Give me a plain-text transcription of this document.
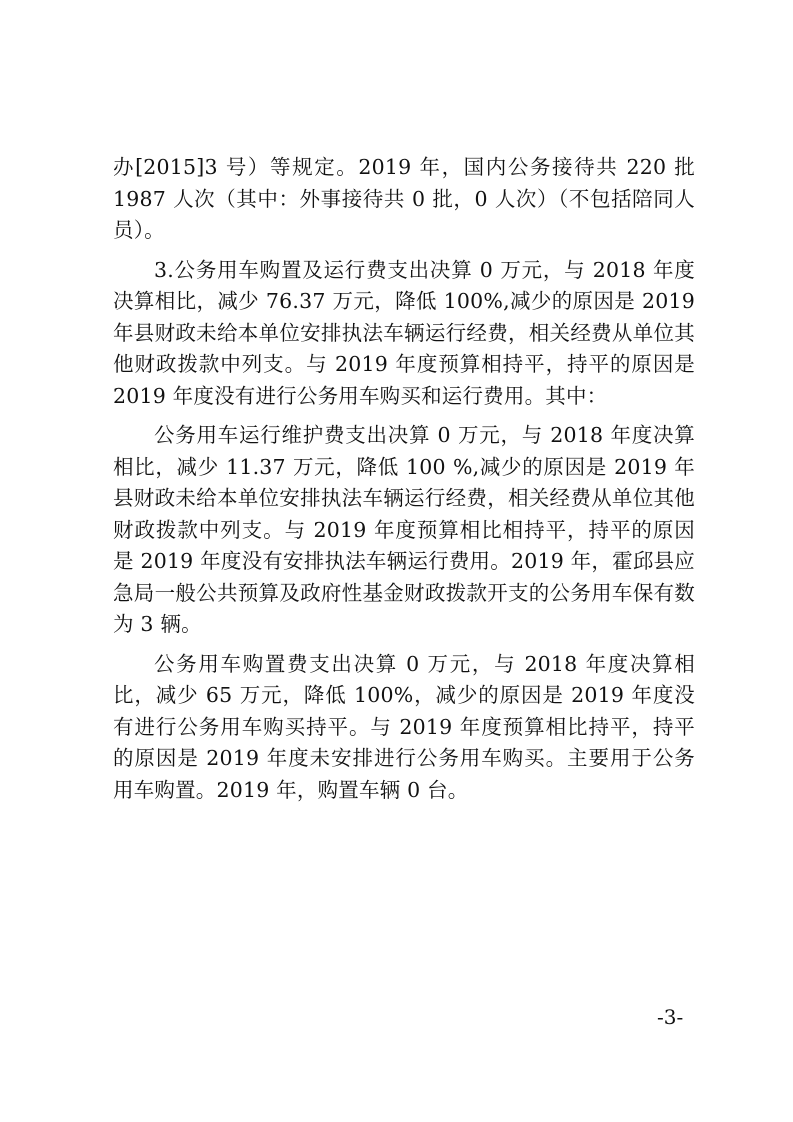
办[2015]3 号）等规定。2019 年，国内公务接待共 220 批 1987 人次（其中：外事接待共 0 批，0 人次）（不包括陪同人员）。

3.公务用车购置及运行费支出决算 0 万元，与 2018 年度决算相比，减少 76.37 万元，降低 100%,减少的原因是 2019 年县财政未给本单位安排执法车辆运行经费，相关经费从单位其他财政拨款中列支。与 2019 年度预算相持平，持平的原因是 2019 年度没有进行公务用车购买和运行费用。其中：

公务用车运行维护费支出决算 0 万元，与 2018 年度决算相比，减少 11.37 万元，降低 100 %,减少的原因是 2019 年县财政未给本单位安排执法车辆运行经费，相关经费从单位其他财政拨款中列支。与 2019 年度预算相比相持平，持平的原因是 2019 年度没有安排执法车辆运行费用。2019 年，霍邱县应急局一般公共预算及政府性基金财政拨款开支的公务用车保有数为 3 辆。

公务用车购置费支出决算 0 万元，与 2018 年度决算相比，减少 65 万元，降低 100%，减少的原因是 2019 年度没有进行公务用车购买持平。与 2019 年度预算相比持平，持平的原因是 2019 年度未安排进行公务用车购买。主要用于公务用车购置。2019 年，购置车辆 0 台。

-3-
